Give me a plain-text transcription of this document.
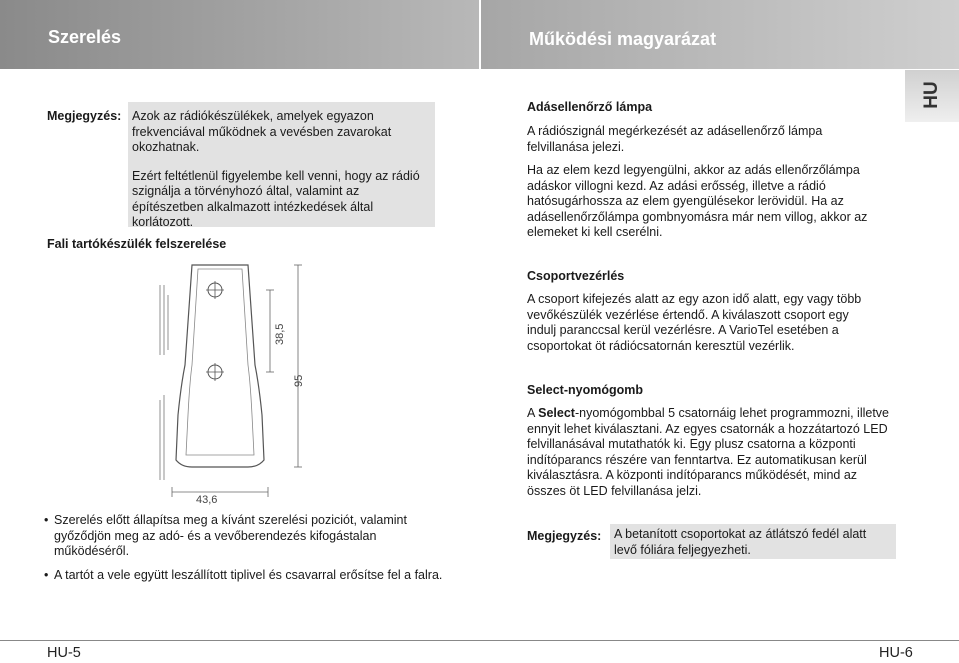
Szerelés	Működési magyarázat
HU
Megjegyzés: Azok az rádiókészülékek, amelyek egyazon frekvenciával működnek a vevésben zavarokat okozhatnak.

Ezért feltétlenül figyelembe kell venni, hogy az rádió szignálja a törvényhozó által, valamint az építészetben alkalmazott intézkedések által korlátozott.

Fali tartókészülék felszerelése
38,5
95
43,6
• Szerelés előtt állapítsa meg a kívánt szerelési poziciót, valamint győződjön meg az adó- és a vevőberendezés kifogástalan működéséről.
• A tartót a vele együtt leszállított tiplivel és csavarral erősítse fel a falra.
Adásellenőrző lámpa
A rádiószignál megérkezését az adásellenőrző lámpa felvillanása jelezi.
Ha az elem kezd legyengülni, akkor az adás ellenőrzőlámpa adáskor villogni kezd. Az adási erősség, illetve a rádió hatósugárhossza az elem gyengülésekor lerövidül. Ha az adásellenőrzőlámpa gombnyomásra már nem villog, akkor az elemeket ki kell cserélni.
Csoportvezérlés
A csoport kifejezés alatt az egy azon idő alatt, egy vagy több vevőkészülék vezérlése értendő. A kiválaszott csoport egy indulj paranccsal kerül vezérlésre. A VarioTel esetében a csoportokat öt rádiócsatornán keresztül vezérlik.
Select-nyomógomb
A Select-nyomógombbal 5 csatornáig lehet programmozni, illetve ennyit lehet kiválasztani. Az egyes csatornák a hozzátartozó LED felvillanásával mutathatók ki. Egy plusz csatorna a központi indítóparancs részére van fenntartva. Ez automatikusan kerül kiválasztásra. A központi indítóparancs működését, mind az összes öt LED felvillanása jelzi.
Megjegyzés:	A betanított csoportokat az átlátszó fedél alatt levő fóliára feljegyezheti.
HU-5	HU-6
